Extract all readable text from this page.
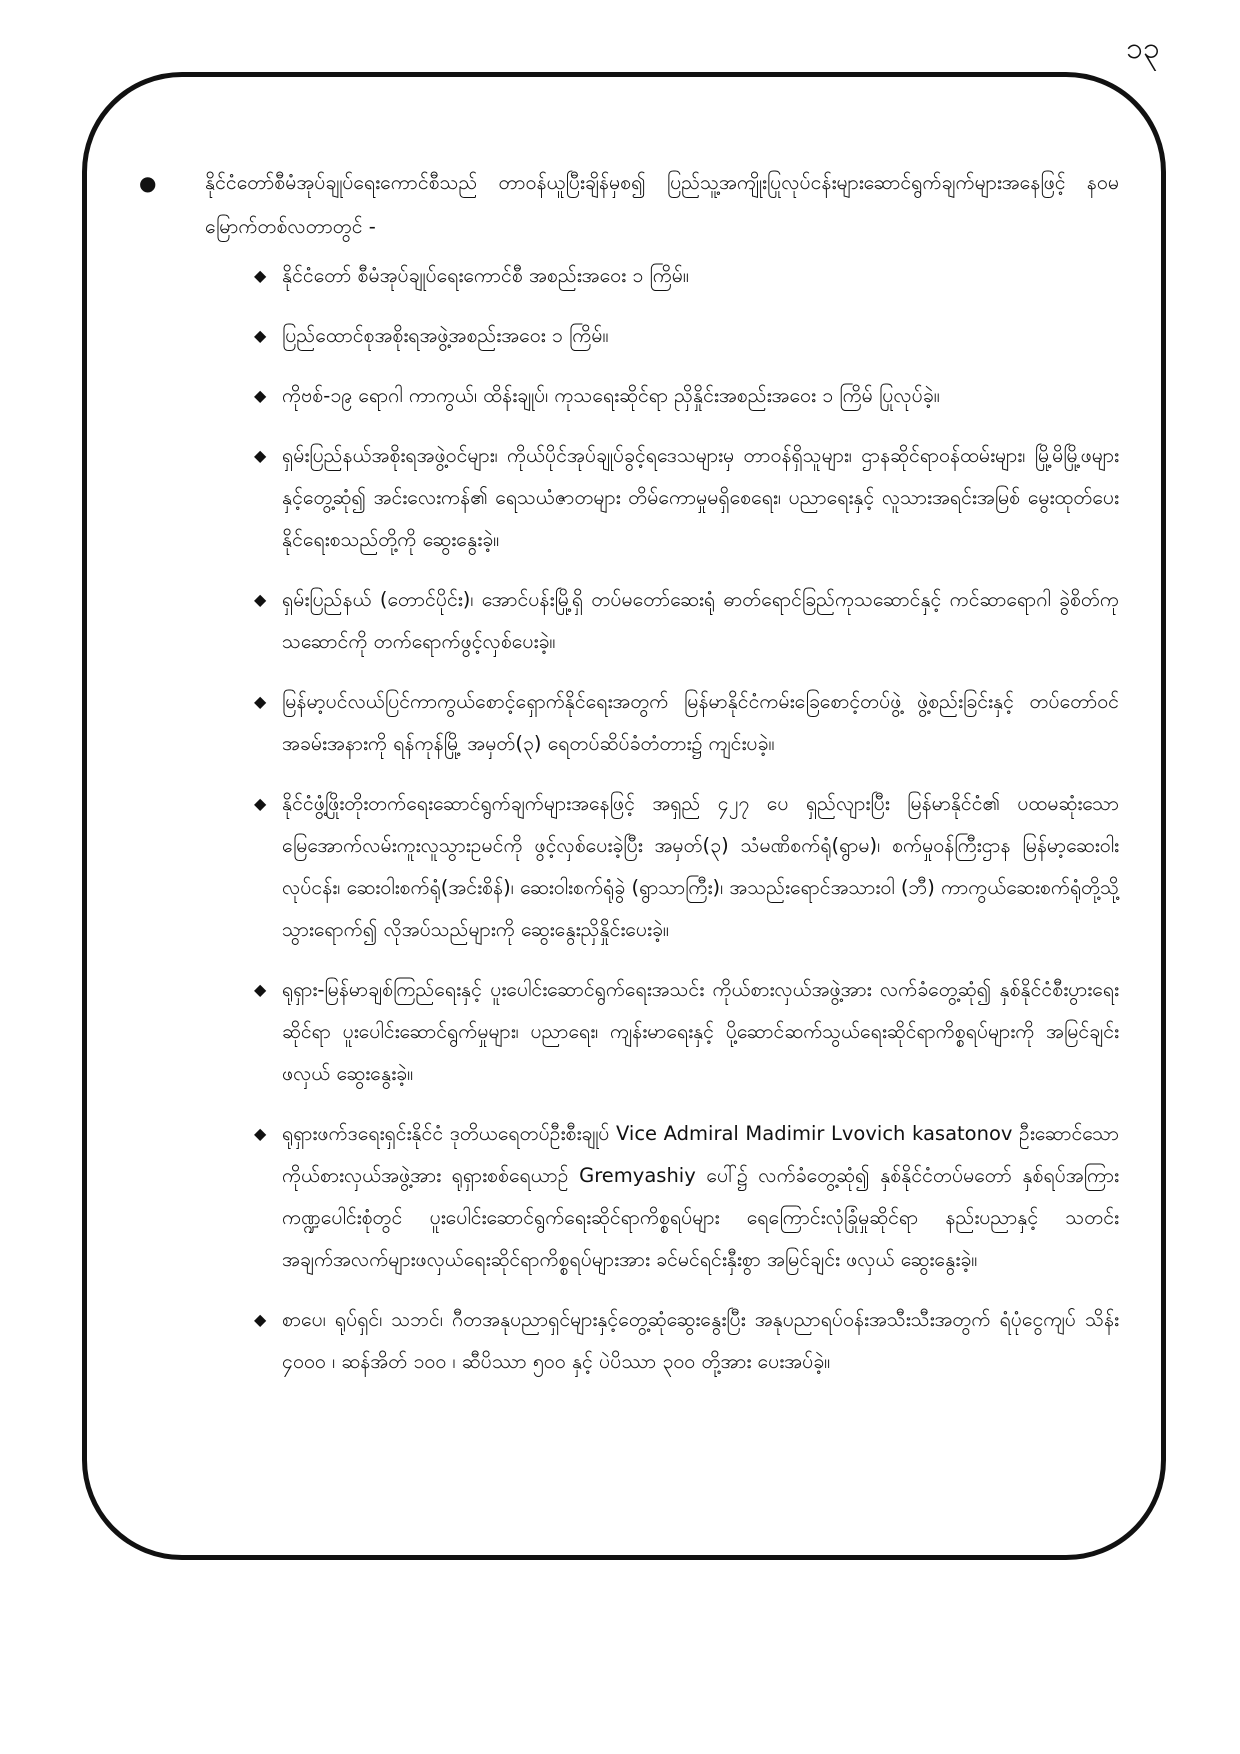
၁၃

● နိုင်ငံတော်စီမံအုပ်ချုပ်ရေးကောင်စီသည် တာဝန်ယူပြီးချိန်မှစ၍ ပြည်သူ့အကျိုးပြုလုပ်ငန်းများဆောင်ရွက်ချက်များအနေဖြင့် နဝမမြောက်တစ်လတာတွင် -

◆ နိုင်ငံတော် စီမံအုပ်ချုပ်ရေးကောင်စီ အစည်းအဝေး ၁ ကြိမ်။
◆ ပြည်ထောင်စုအစိုးရအဖွဲ့အစည်းအဝေး ၁ ကြိမ်။
◆ ကိုဗစ်-၁၉ ရောဂါ ကာကွယ်၊ ထိန်းချုပ်၊ ကုသရေးဆိုင်ရာ ညှိနှိုင်းအစည်းအဝေး ၁ ကြိမ် ပြုလုပ်ခဲ့။
◆ ရှမ်းပြည်နယ်အစိုးရအဖွဲ့ဝင်များ၊ ကိုယ်ပိုင်အုပ်ချုပ်ခွင့်ရဒေသများမှ တာဝန်ရှိသူများ၊ ဌာနဆိုင်ရာဝန်ထမ်းများ၊ မြို့မိမြို့ဖများနှင့်တွေ့ဆုံ၍ အင်းလေးကန်၏ ရေသယံဇာတများ တိမ်ကောမှုမရှိစေရေး၊ ပညာရေးနှင့် လူသားအရင်းအမြစ် မွေးထုတ်ပေးနိုင်ရေးစသည်တို့ကို ဆွေးနွေးခဲ့။
◆ ရှမ်းပြည်နယ် (တောင်ပိုင်း)၊ အောင်ပန်းမြို့ရှိ တပ်မတော်ဆေးရုံ ဓာတ်ရောင်ခြည်ကုသဆောင်နှင့် ကင်ဆာရောဂါ ခွဲစိတ်ကုသဆောင်ကို တက်ရောက်ဖွင့်လှစ်ပေးခဲ့။
◆ မြန်မာ့ပင်လယ်ပြင်ကာကွယ်စောင့်ရှောက်နိုင်ရေးအတွက် မြန်မာနိုင်ငံကမ်းခြေစောင့်တပ်ဖွဲ့ ဖွဲ့စည်းခြင်းနှင့် တပ်တော်ဝင်အခမ်းအနားကို ရန်ကုန်မြို့ အမှတ်(၃) ရေတပ်ဆိပ်ခံတံတား၌ ကျင်းပခဲ့။
◆ နိုင်ငံဖွံ့ဖြိုးတိုးတက်ရေးဆောင်ရွက်ချက်များအနေဖြင့် အရှည် ၄၂၇ ပေ ရှည်လျားပြီး မြန်မာနိုင်ငံ၏ ပထမဆုံးသော မြေအောက်လမ်းကူးလူသွားဥမင်ကို ဖွင့်လှစ်ပေးခဲ့ပြီး အမှတ်(၃) သံမဏိစက်ရုံ(ရွာမ)၊ စက်မှုဝန်ကြီးဌာန မြန်မာ့ဆေးဝါးလုပ်ငန်း၊ ဆေးဝါးစက်ရုံ(အင်းစိန်)၊ ဆေးဝါးစက်ရုံခွဲ (ရွာသာကြီး)၊ အသည်းရောင်အသားဝါ (ဘီ) ကာကွယ်ဆေးစက်ရုံတို့သို့သွားရောက်၍ လိုအပ်သည်များကို ဆွေးနွေးညှိနှိုင်းပေးခဲ့။
◆ ရုရှား-မြန်မာချစ်ကြည်ရေးနှင့် ပူးပေါင်းဆောင်ရွက်ရေးအသင်း ကိုယ်စားလှယ်အဖွဲ့အား လက်ခံတွေ့ဆုံ၍ နှစ်နိုင်ငံစီးပွားရေးဆိုင်ရာ ပူးပေါင်းဆောင်ရွက်မှုများ၊ ပညာရေး၊ ကျန်းမာရေးနှင့် ပို့ဆောင်ဆက်သွယ်ရေးဆိုင်ရာကိစ္စရပ်များကို အမြင်ချင်းဖလှယ် ဆွေးနွေးခဲ့။
◆ ရုရှားဖက်ဒရေးရှင်းနိုင်ငံ ဒုတိယရေတပ်ဦးစီးချုပ် Vice Admiral Madimir Lvovich kasatonov ဦးဆောင်သော ကိုယ်စားလှယ်အဖွဲ့အား ရုရှားစစ်ရေယာဉ် Gremyashiy ပေါ်၌ လက်ခံတွေ့ဆုံ၍ နှစ်နိုင်ငံတပ်မတော် နှစ်ရပ်အကြား ကဏ္ဍပေါင်းစုံတွင် ပူးပေါင်းဆောင်ရွက်ရေးဆိုင်ရာကိစ္စရပ်များ ရေကြောင်းလုံခြုံမှုဆိုင်ရာ နည်းပညာနှင့် သတင်းအချက်အလက်များဖလှယ်ရေးဆိုင်ရာကိစ္စရပ်များအား ခင်မင်ရင်းနှီးစွာ အမြင်ချင်း ဖလှယ် ဆွေးနွေးခဲ့။
◆ စာပေ၊ ရုပ်ရှင်၊ သဘင်၊ ဂီတအနုပညာရှင်များနှင့်တွေ့ဆုံဆွေးနွေးပြီး အနုပညာရပ်ဝန်းအသီးသီးအတွက် ရံပုံငွေကျပ် သိန်း ၄၀၀၀ ၊ ဆန်အိတ် ၁၀၀ ၊ ဆီပိဿာ ၅၀၀ နှင့် ပဲပိဿာ ၃၀၀ တို့အား ပေးအပ်ခဲ့။
